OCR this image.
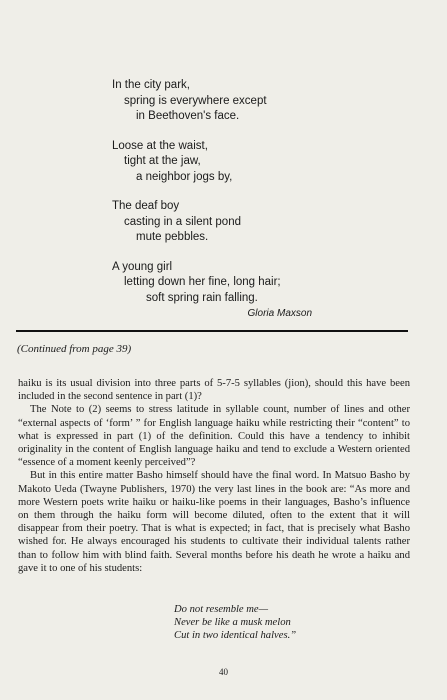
In the city park,
spring is everywhere except
in Beethoven's face.
Loose at the waist,
tight at the jaw,
a neighbor jogs by,
The deaf boy
casting in a silent pond
mute pebbles.
A young girl
letting down her fine, long hair;
soft spring rain falling.
Gloria Maxson
(Continued from page 39)

haiku is its usual division into three parts of 5-7-5 syllables (jion), should this have been included in the second sentence in part (1)?

The Note to (2) seems to stress latitude in syllable count, number of lines and other “external aspects of ‘form’ ” for English language haiku while restricting their “content” to what is expressed in part (1) of the definition. Could this have a tendency to inhibit originality in the content of English language haiku and tend to exclude a Western oriented “essence of a moment keenly perceived”?

But in this entire matter Basho himself should have the final word. In Matsuo Basho by Makoto Ueda (Twayne Publishers, 1970) the very last lines in the book are: “As more and more Western poets write haiku or haiku-like poems in their languages, Basho’s influence on them through the haiku form will become diluted, often to the extent that it will disappear from their poetry. That is what is expected; in fact, that is precisely what Basho wished for. He always encouraged his students to cultivate their individual talents rather than to follow him with blind faith. Several months before his death he wrote a haiku and gave it to one of his students:

Do not resemble me—
Never be like a musk melon
Cut in two identical halves.”
40
